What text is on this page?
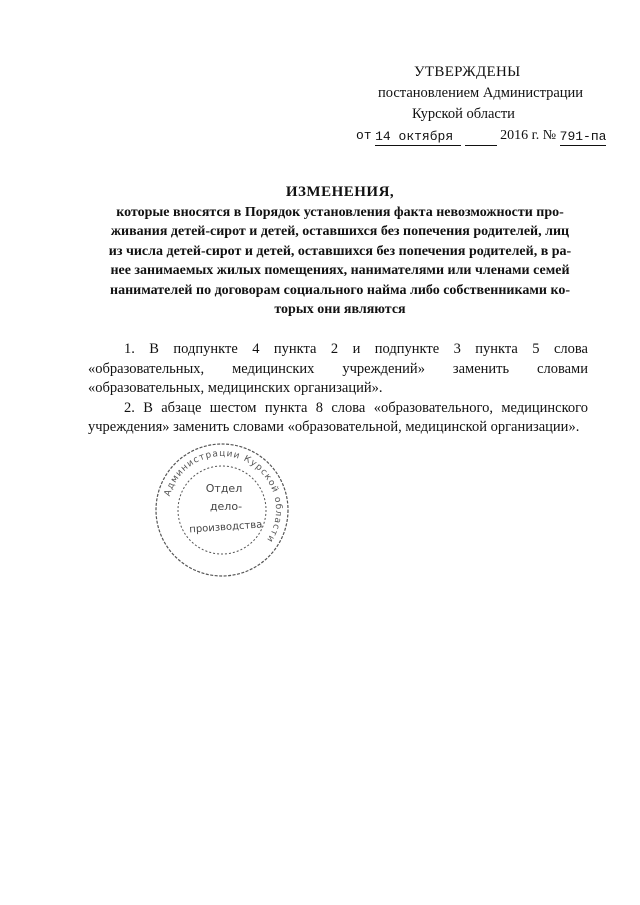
УТВЕРЖДЕНЫ
постановлением Администрации
Курской области
от 14 октября	2016 г. № 791-па
ИЗМЕНЕНИЯ,
которые вносятся в Порядок установления факта невозможности про-
живания детей-сирот и детей, оставшихся без попечения родителей, лиц
из числа детей-сирот и детей, оставшихся без попечения родителей, в ра-
нее занимаемых жилых помещениях, нанимателями или членами семей
нанимателей по договорам социального найма либо собственниками ко-
торых они являются

1. В подпункте 4 пункта 2 и подпункте 3 пункта 5 слова «образовательных, медицинских учреждений» заменить словами «образовательных, медицинских организаций».

2. В абзаце шестом пункта 8 слова «образовательного, медицинского учреждения» заменить словами «образовательной, медицинской организации».

Администрации Курской области
Отдел
дело-
производства
